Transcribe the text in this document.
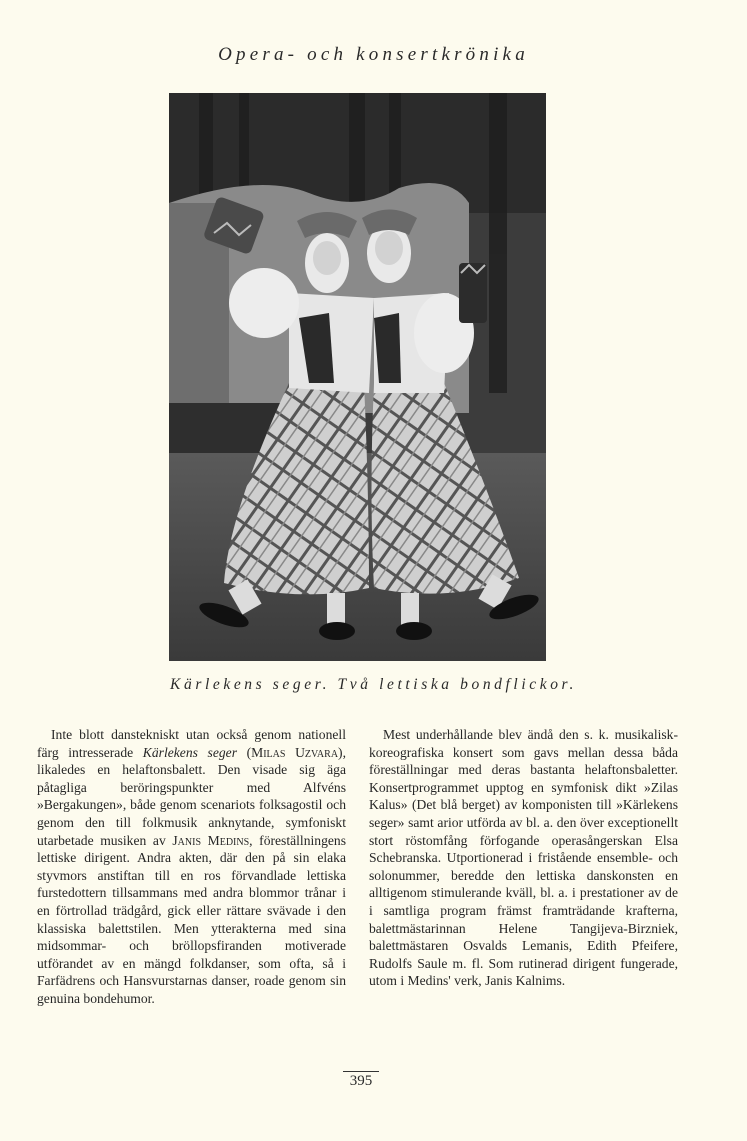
Opera- och konsertkrönika
Kärlekens seger. Två lettiska bondflickor.

Inte blott danstekniskt utan också genom nationell färg intresserade Kärlekens seger (Milas Uzvara), likaledes en helaftonsbalett. Den visade sig äga påtagliga beröringspunkter med Alfvéns »Bergakungen», både genom scenariots folksagostil och genom den till folkmusik anknytande, symfoniskt utarbetade musiken av Janis Medins, föreställningens lettiske dirigent. Andra akten, där den på sin elaka styvmors anstiftan till en ros förvandlade lettiska furstedottern tillsammans med andra blommor trånar i en förtrollad trädgård, gick eller rättare svävade i den klassiska balettstilen. Men ytterakterna med sina midsommar- och bröllopsfiranden motiverade utförandet av en mängd folkdanser, som ofta, så i Farfädrens och Hansvurstarnas danser, roade genom sin genuina bondehumor.

Mest underhållande blev ändå den s. k. musikalisk-koreografiska konsert som gavs mellan dessa båda föreställningar med deras bastanta helaftonsbaletter. Konsertprogrammet upptog en symfonisk dikt »Zilas Kalus» (Det blå berget) av komponisten till »Kärlekens seger» samt arior utförda av bl. a. den över exceptionellt stort röstomfång förfogande operasångerskan Elsa Schebranska. Utportionerad i fristående ensemble- och solonummer, beredde den lettiska danskonsten en alltigenom stimulerande kväll, bl. a. i prestationer av de i samtliga program främst framträdande krafterna, balettmästarinnan Helene Tangijeva-Birzniek, balettmästaren Osvalds Lemanis, Edith Pfeifere, Rudolfs Saule m. fl. Som rutinerad dirigent fungerade, utom i Medins' verk, Janis Kalnims.

395
